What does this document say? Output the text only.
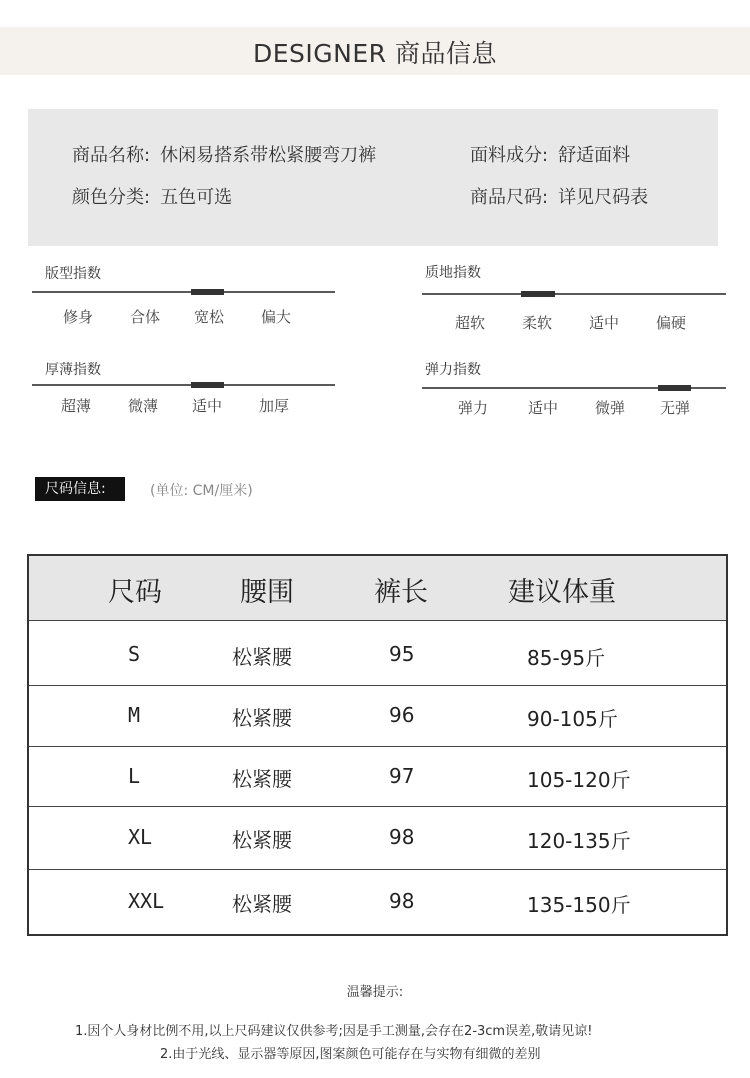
DESIGNER 商品信息
商品名称: 休闲易搭系带松紧腰弯刀裤	面料成分: 舒适面料
颜色分类: 五色可选	商品尺码: 详见尺码表
版型指数
修身 合体 宽松 偏大
质地指数
超软 柔软 适中 偏硬
厚薄指数
超薄 微薄 适中 加厚
弹力指数
弹力	适中 微弹 无弹
尺码信息:	(单位: CM/厘米)
尺码	腰围	裤长	建议体重
S	松紧腰	95	85-95斤
M	松紧腰	96	90-105斤
L	松紧腰	97	105-120斤
XL	松紧腰	98	120-135斤
XXL	松紧腰	98	135-150斤
温馨提示:
1.因个人身材比例不用,以上尺码建议仅供参考;因是手工测量,会存在2-3cm误差,敬请见谅!
2.由于光线、显示器等原因,图案颜色可能存在与实物有细微的差别
